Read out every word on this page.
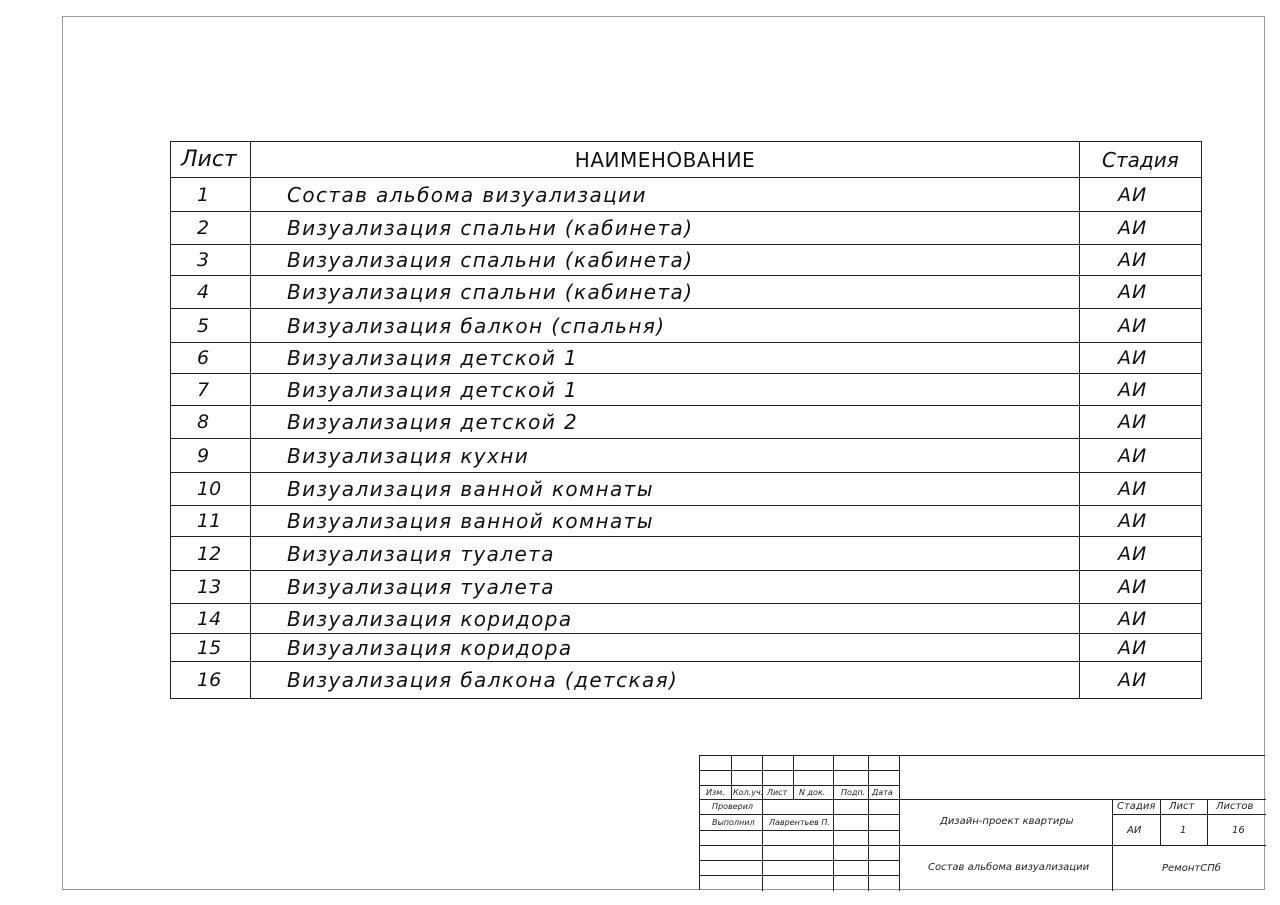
Лист	НАИМЕНОВАНИЕ	Стадия
1	Состав альбома визуализации	АИ
2	Визуализация спальни (кабинета)	АИ
3	Визуализация спальни (кабинета)	АИ
4	Визуализация спальни (кабинета)	АИ
5	Визуализация балкон (спальня)	АИ
6	Визуализация детской 1	АИ
7	Визуализация детской 1	АИ
8	Визуализация детской 2	АИ
9	Визуализация кухни	АИ
10	Визуализация ванной комнаты	АИ
11	Визуализация ванной комнаты	АИ
12	Визуализация туалета	АИ
13	Визуализация туалета	АИ
14	Визуализация коридора	АИ
15	Визуализация коридора	АИ
16	Визуализация балкона (детская)	АИ
Изм. Кол.уч. Лист N док. Подп. Дата
Проверил
Выполнил Лаврентьев П.	Дизайн-проект квартиры
Состав альбома визуализации
Стадия Лист Листов
АИ	1	16
РемонтСПб
